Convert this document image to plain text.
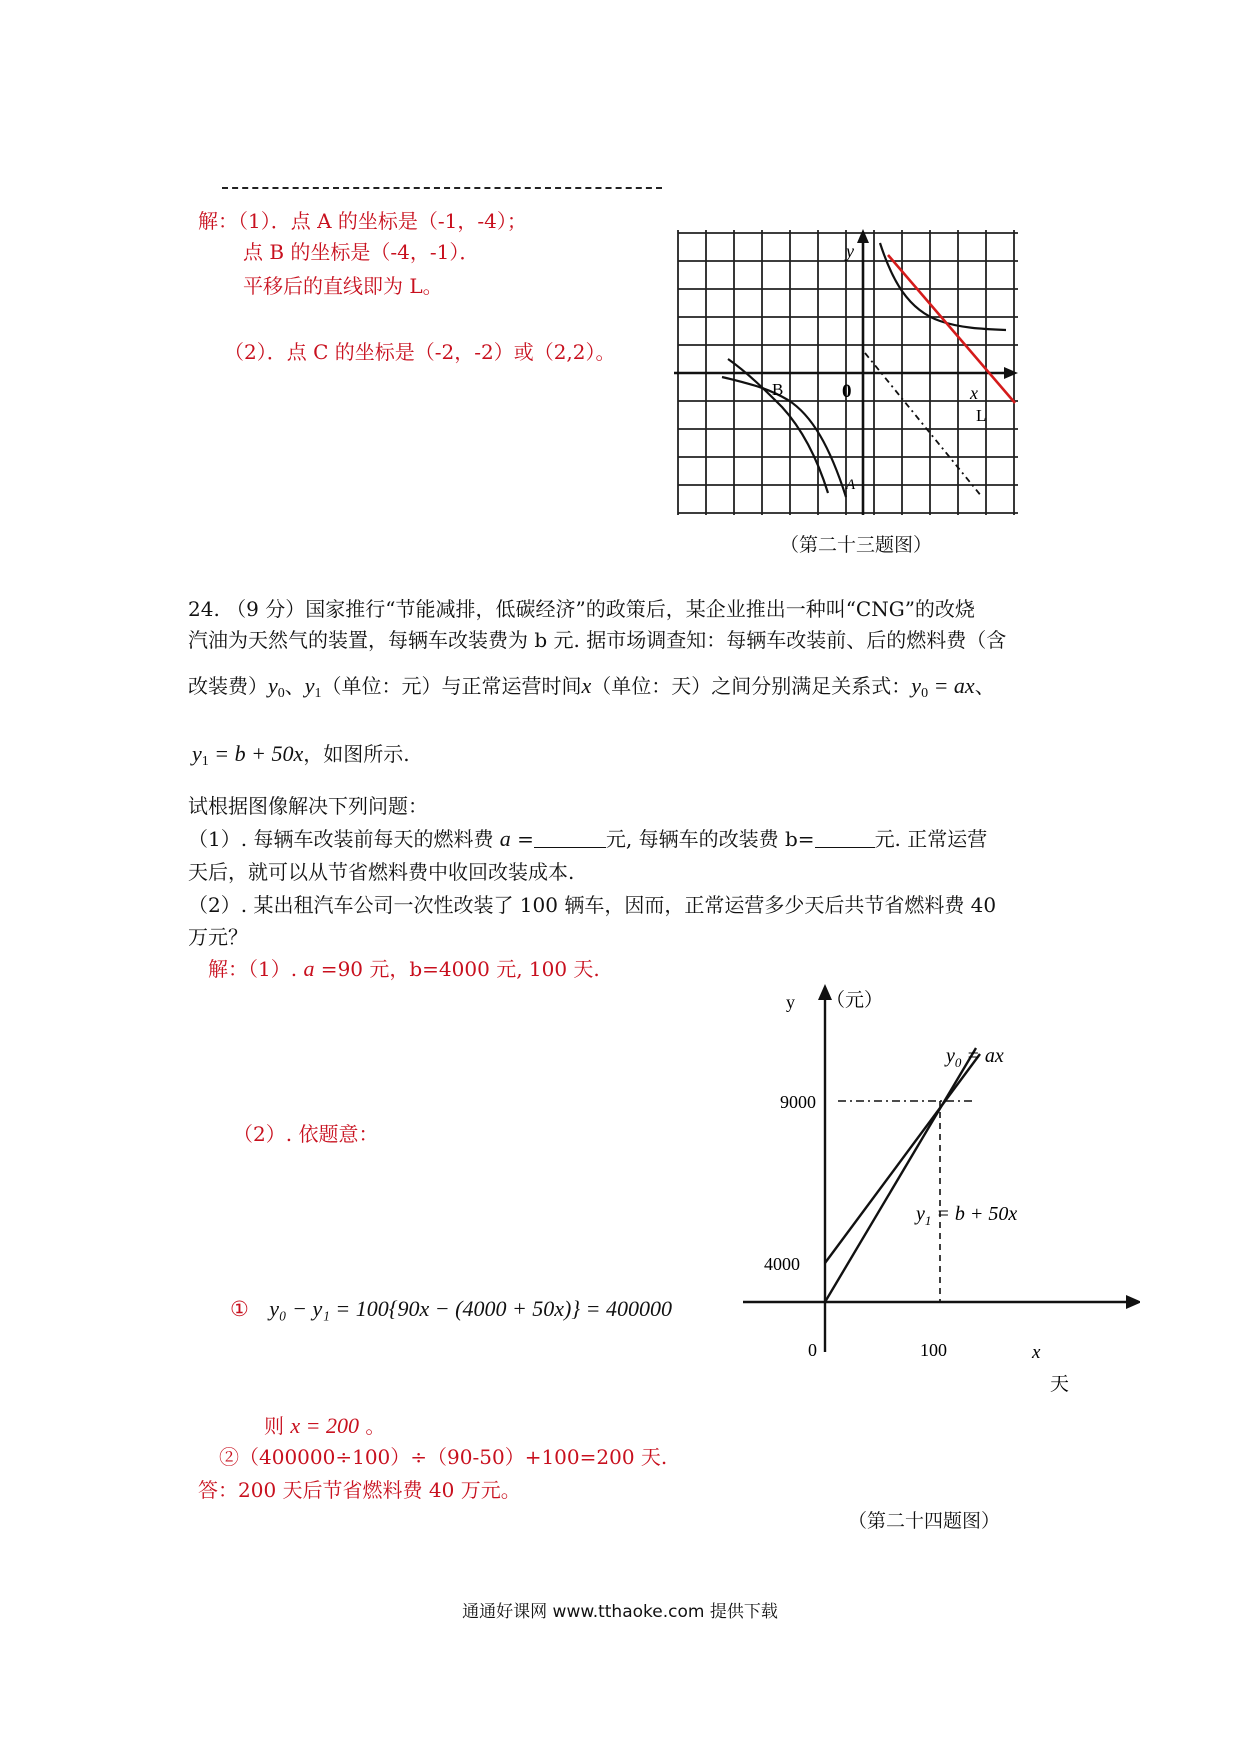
解：（1）．点 A 的坐标是（-1，-4）；
点 B 的坐标是（-4，-1）．
平移后的直线即为 L。
（2）．点 C 的坐标是（-2，-2）或（2,2）。
y
x
0
B
A
L
（第二十三题图）
24. （9 分）国家推行“节能减排，低碳经济”的政策后，某企业推出一种叫“CNG”的改烧
汽油为天然气的装置，每辆车改装费为 b 元. 据市场调查知：每辆车改装前、后的燃料费（含
改装费）$y_0$、$y_1$（单位：元）与正常运营时间x（单位：天）之间分别满足关系式：$y_0$ = ax、
$y_1 = b + 50x$，如图所示.
试根据图像解决下列问题：
（1）. 每辆车改装前每天的燃料费 a =	元, 每辆车的改装费 b=	元. 正常运营
天后，就可以从节省燃料费中收回改装成本.
（2）. 某出租汽车公司一次性改装了 100 辆车，因而，正常运营多少天后共节省燃料费 40
万元？
解：（1）. a =90 元，b=4000 元, 100 天.
（2）. 依题意：
① y₀ − y₁ = 100{90x − (4000 + 50x)} = 400000
则 x = 200 。
②（400000÷100）÷（90-50）+100=200 天.
答：200 天后节省燃料费 40 万元。
y （元）
9000
4000
0	100	x
天
$y_0$ = ax
$y_1 = b + 50x$
（第二十四题图）
通通好课网 www.tthaoke.com 提供下载
